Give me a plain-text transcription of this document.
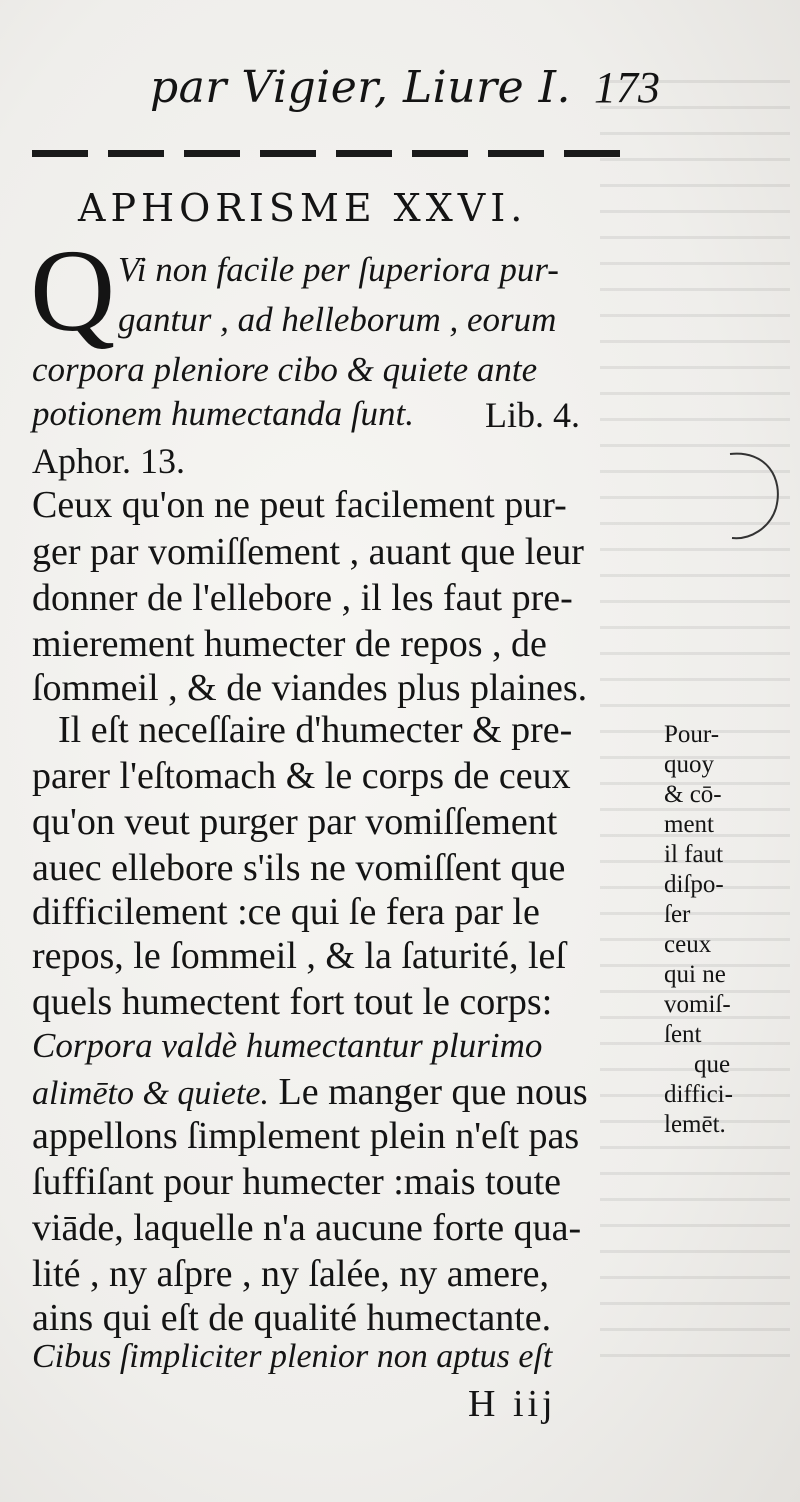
par Vigier, Liure I. 173
APHORISME XXVI.
Q Vi non facile per ſuperiora pur-
gantur , ad helleborum , eorum
corpora pleniore cibo & quiete ante
potionem humectanda ſunt. Lib. 4.
Aphor. 13.
Ceux qu'on ne peut facilement pur-
ger par vomiſſement , auant que leur
donner de l'ellebore , il les faut pre-
mierement humecter de repos , de
ſommeil , & de viandes plus plaines.
Il eſt neceſſaire d'humecter & pre-
parer l'eſtomach & le corps de ceux
qu'on veut purger par vomiſſement
auec ellebore s'ils ne vomiſſent que
difficilement :ce qui ſe fera par le
repos, le ſommeil , & la ſaturité, leſ
quels humectent fort tout le corps:
Corpora valdè humectantur plurimo
alimēto & quiete. Le manger que nous
appellons ſimplement plein n'eſt pas
ſuffiſant pour humecter :mais toute
viāde, laquelle n'a aucune forte qua-
lité , ny aſpre , ny ſalée, ny amere,
ains qui eſt de qualité humectante.
Cibus ſimpliciter plenior non aptus eſt
Pour-
quoy
& cō-
ment
il faut
diſpo-
ſer
ceux
qui ne
vomiſ-
ſent
que
diffici-
lemēt.
H iij
